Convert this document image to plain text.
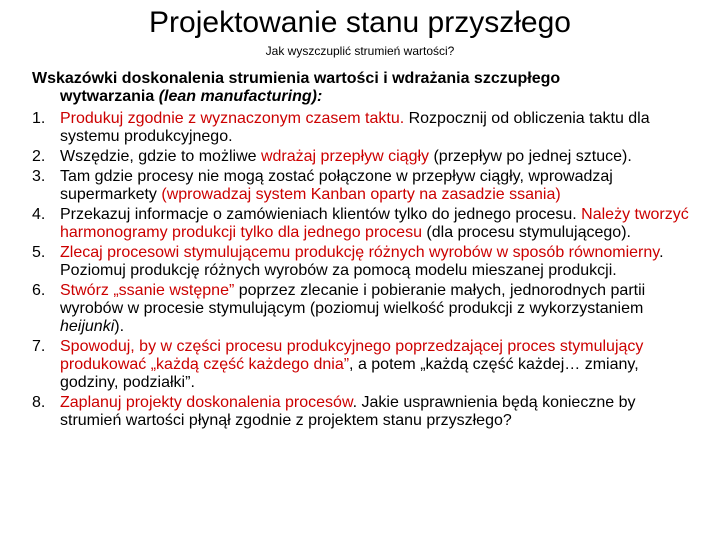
Projektowanie stanu przyszłego
Jak wyszczuplić strumień wartości?
Wskazówki doskonalenia strumienia wartości i wdrażania szczupłego
wytwarzania (lean manufacturing):
1. Produkuj zgodnie z wyznaczonym czasem taktu. Rozpocznij od obliczenia taktu dla systemu produkcyjnego.
2. Wszędzie, gdzie to możliwe wdrażaj przepływ ciągły (przepływ po jednej sztuce).
3. Tam gdzie procesy nie mogą zostać połączone w przepływ ciągły, wprowadzaj supermarkety (wprowadzaj system Kanban oparty na zasadzie ssania)
4. Przekazuj informacje o zamówieniach klientów tylko do jednego procesu. Należy tworzyć harmonogramy produkcji tylko dla jednego procesu (dla procesu stymulującego).
5. Zlecaj procesowi stymulującemu produkcję różnych wyrobów w sposób równomierny. Poziomuj produkcję różnych wyrobów za pomocą modelu mieszanej produkcji.
6. Stwórz „ssanie wstępne” poprzez zlecanie i pobieranie małych, jednorodnych partii wyrobów w procesie stymulującym (poziomuj wielkość produkcji z wykorzystaniem heijunki).
7. Spowoduj, by w części procesu produkcyjnego poprzedzającej proces stymulujący produkować „każdą część każdego dnia”, a potem „każdą część każdej… zmiany, godziny, podziałki”.
8. Zaplanuj projekty doskonalenia procesów. Jakie usprawnienia będą konieczne by strumień wartości płynął zgodnie z projektem stanu przyszłego?
